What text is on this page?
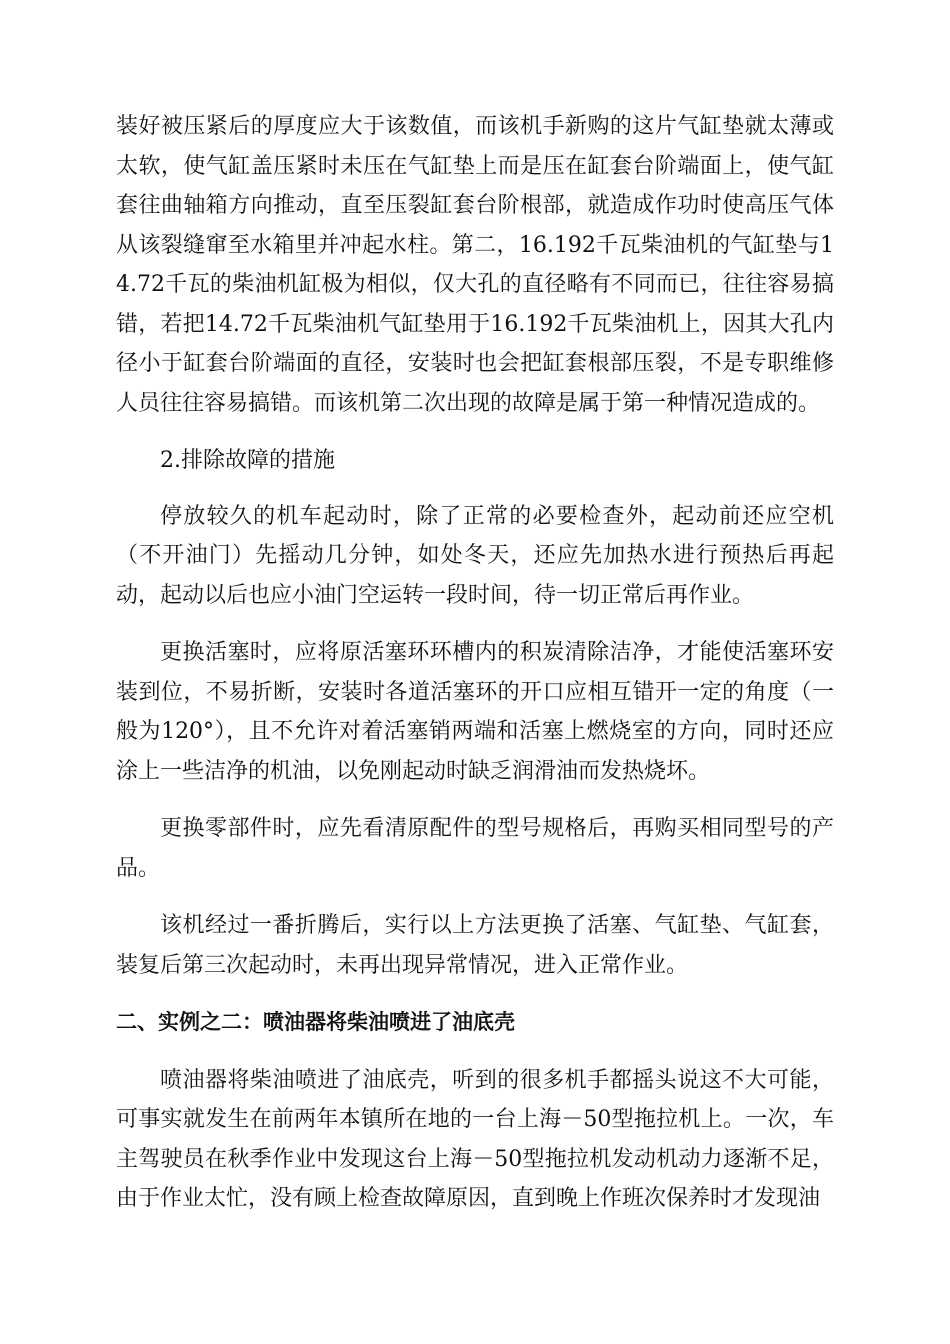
装好被压紧后的厚度应大于该数值，而该机手新购的这片气缸垫就太薄或太软，使气缸盖压紧时未压在气缸垫上而是压在缸套台阶端面上，使气缸套往曲轴箱方向推动，直至压裂缸套台阶根部，就造成作功时使高压气体从该裂缝窜至水箱里并冲起水柱。第二，16.192千瓦柴油机的气缸垫与14.72千瓦的柴油机缸极为相似，仅大孔的直径略有不同而已，往往容易搞错，若把14.72千瓦柴油机气缸垫用于16.192千瓦柴油机上，因其大孔内径小于缸套台阶端面的直径，安装时也会把缸套根部压裂，不是专职维修人员往往容易搞错。而该机第二次出现的故障是属于第一种情况造成的。

2.排除故障的措施

停放较久的机车起动时，除了正常的必要检查外，起动前还应空机（不开油门）先摇动几分钟，如处冬天，还应先加热水进行预热后再起动，起动以后也应小油门空运转一段时间，待一切正常后再作业。

更换活塞时，应将原活塞环环槽内的积炭清除洁净，才能使活塞环安装到位，不易折断，安装时各道活塞环的开口应相互错开一定的角度（一般为120°），且不允许对着活塞销两端和活塞上燃烧室的方向，同时还应涂上一些洁净的机油，以免刚起动时缺乏润滑油而发热烧坏。

更换零部件时，应先看清原配件的型号规格后，再购买相同型号的产品。

该机经过一番折腾后，实行以上方法更换了活塞、气缸垫、气缸套，装复后第三次起动时，未再出现异常情况，进入正常作业。

二、实例之二：喷油器将柴油喷进了油底壳

喷油器将柴油喷进了油底壳，听到的很多机手都摇头说这不大可能，可事实就发生在前两年本镇所在地的一台上海－50型拖拉机上。一次，车主驾驶员在秋季作业中发现这台上海－50型拖拉机发动机动力逐渐不足，由于作业太忙，没有顾上检查故障原因，直到晚上作班次保养时才发现油
